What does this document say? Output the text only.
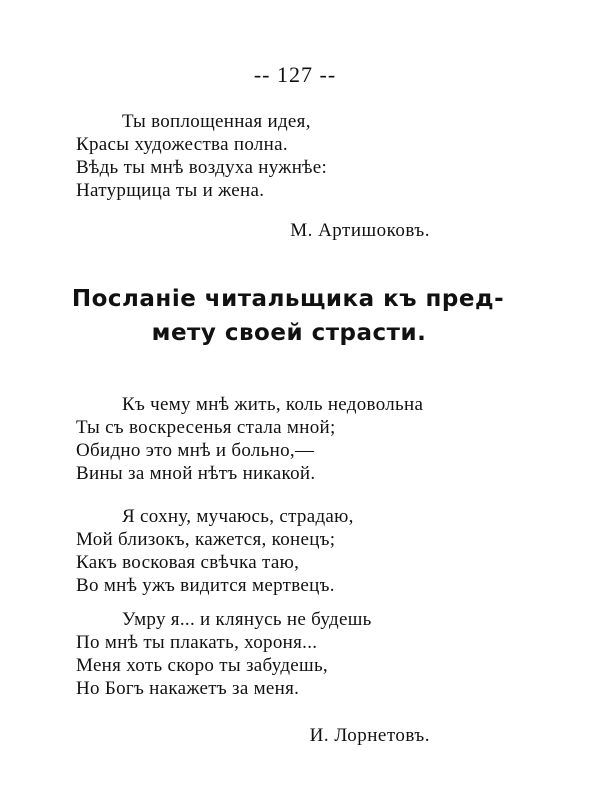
-- 127 --
Ты воплощенная идея,
Красы художества полна.
Вѣдь ты мнѣ воздуха нужнѣе:
Натурщица ты и жена.
М. Артишоковъ.
Посланіе читальщика къ пред-
мету своей страсти.
Къ чему мнѣ жить, коль недовольна
Ты съ воскресенья стала мной;
Обидно это мнѣ и больно,—
Вины за мной нѣтъ никакой.
Я сохну, мучаюсь, страдаю,
Мой близокъ, кажется, конецъ;
Какъ восковая свѣчка таю,
Во мнѣ ужъ видится мертвецъ.
Умру я... и клянусь не будешь
По мнѣ ты плакать, хороня...
Меня хоть скоро ты забудешь,
Но Богъ накажетъ за меня.
И. Лорнетовъ.
